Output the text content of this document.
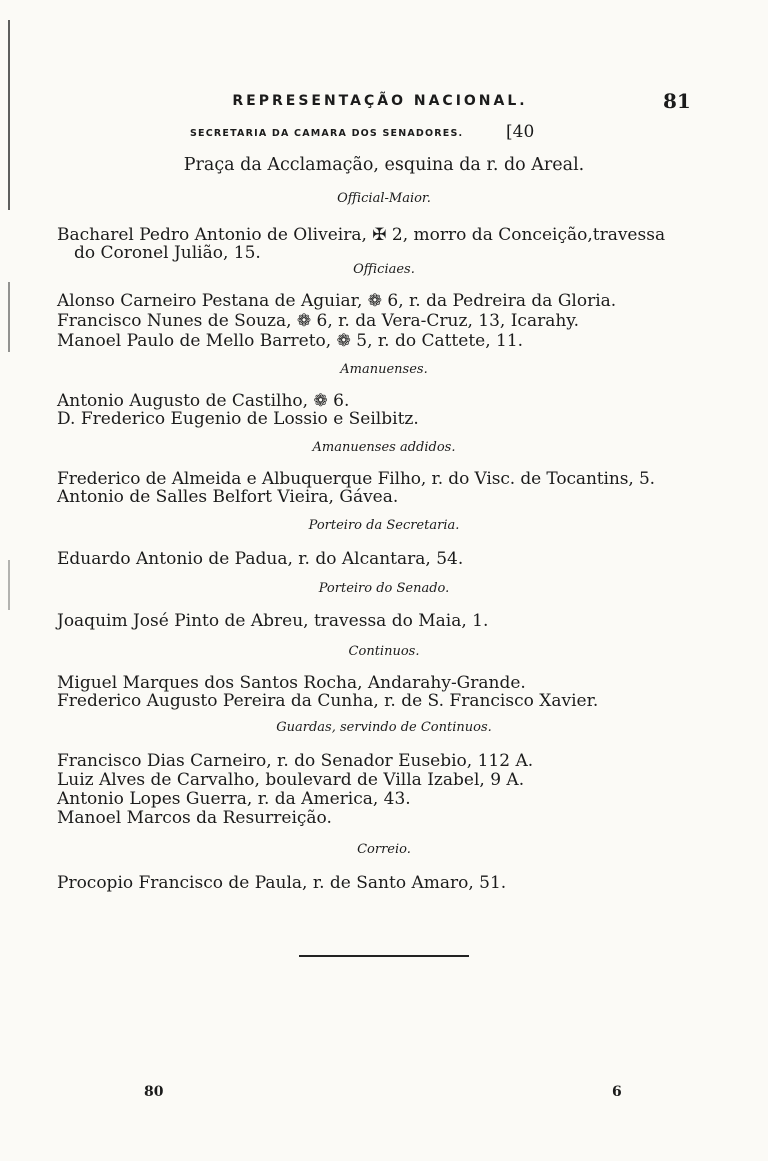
REPRESENTAÇÃO NACIONAL.	81
SECRETARIA DA CAMARA DOS SENADORES.	[40
Praça da Acclamação, esquina da r. do Areal.
Official-Maior.
Bacharel Pedro Antonio de Oliveira, ✠ 2, morro da Conceição,travessa
do Coronel Julião, 15.
Officiaes.
Alonso Carneiro Pestana de Aguiar, ❁ 6, r. da Pedreira da Gloria.
Francisco Nunes de Souza, ❁ 6, r. da Vera-Cruz, 13, Icarahy.
Manoel Paulo de Mello Barreto, ❁ 5, r. do Cattete, 11.
Amanuenses.
Antonio Augusto de Castilho, ❁ 6.
D. Frederico Eugenio de Lossio e Seilbitz.
Amanuenses addidos.
Frederico de Almeida e Albuquerque Filho, r. do Visc. de Tocantins, 5.
Antonio de Salles Belfort Vieira, Gávea.
Porteiro da Secretaria.
Eduardo Antonio de Padua, r. do Alcantara, 54.
Porteiro do Senado.
Joaquim José Pinto de Abreu, travessa do Maia, 1.
Continuos.
Miguel Marques dos Santos Rocha, Andarahy-Grande.
Frederico Augusto Pereira da Cunha, r. de S. Francisco Xavier.
Guardas, servindo de Continuos.
Francisco Dias Carneiro, r. do Senador Eusebio, 112 A.
Luiz Alves de Carvalho, boulevard de Villa Izabel, 9 A.
Antonio Lopes Guerra, r. da America, 43.
Manoel Marcos da Resurreição.
Correio.
Procopio Francisco de Paula, r. de Santo Amaro, 51.
80	6
